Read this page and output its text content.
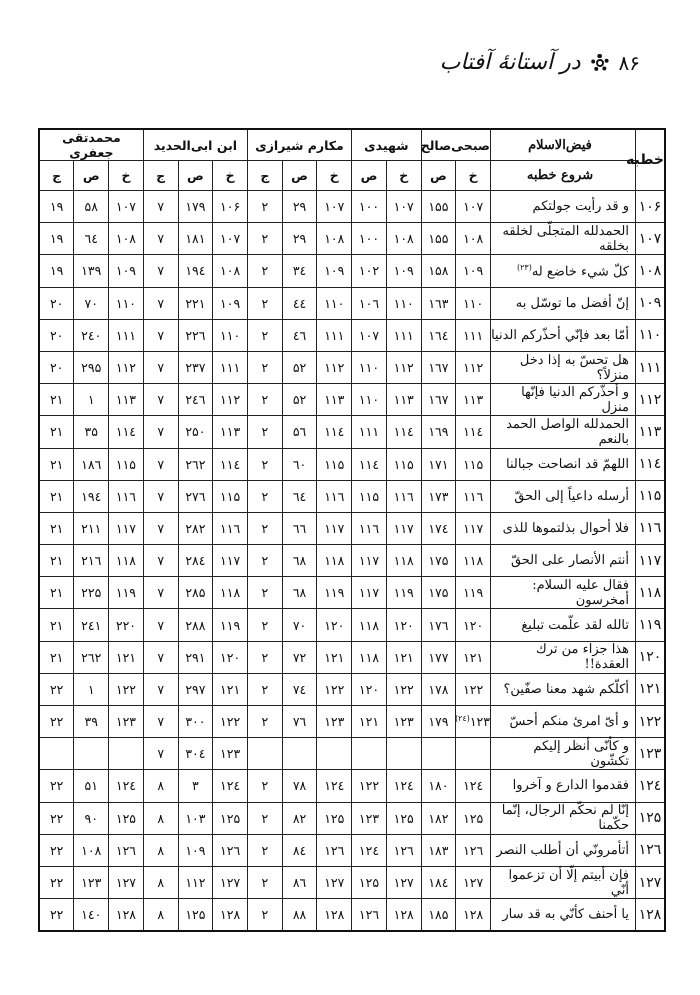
۸۶
در آستانهٔ آفتاب
خطبه	فیض‌الاسلام	صبحی‌صالح		شهیدی		مکارم شیرازی			ابن ابی‌الحدید			محمدتقی جعفری		
	شروع خطبه	خ	ص	خ	ص	خ	ص	ج	خ	ص	ج	خ	ص	ج
۱۰۶	و قد رأيت جولتكم	۱۰۷	۱۵۵	۱۰۷	۱۰۰	۱۰۷	۲۹	۲	۱۰۶	۱۷۹	۷	۱۰۷	۵۸	۱۹
۱۰۷	الحمدلله المتجلّى لخلقه بخلقه	۱۰۸	۱۵۵	۱۰۸	۱۰۰	۱۰۸	۲۹	۲	۱۰۷	۱۸۱	۷	۱۰۸	٦٤	۱۹
۱۰۸	كلّ شيء خاضع له$^{(۲۳)}$	۱۰۹	۱۵۸	۱۰۹	۱۰۲	۱۰۹	۳٤	۲	۱۰۸	۱۹٤	۷	۱۰۹	۱۳۹	۱۹
۱۰۹	إنّ أفضل ما توسّل به	۱۱۰	۱٦۳	۱۱۰	۱۰٦	۱۱۰	٤٤	۲	۱۰۹	۲۲۱	۷	۱۱۰	۷۰	۲۰
۱۱۰	أمّا بعد فإنّي أحذّركم الدنيا	۱۱۱	۱٦٤	۱۱۱	۱۰۷	۱۱۱	٤٦	۲	۱۱۰	۲۲٦	۷	۱۱۱	۲٤۰	۲۰
۱۱۱	هل تحسّ به إذا دخل منزلاً؟	۱۱۲	۱٦۷	۱۱۲	۱۱۰	۱۱۲	۵۲	۲	۱۱۱	۲۳۷	۷	۱۱۲	۲۹۵	۲۰
۱۱۲	و أحذّركم الدنيا فإنّها منزل	۱۱۳	۱٦۷	۱۱۳	۱۱۰	۱۱۳	۵۲	۲	۱۱۲	۲٤٦	۷	۱۱۳	۱	۲۱
۱۱۳	الحمدلله الواصل الحمد بالنعم	۱۱٤	۱٦۹	۱۱٤	۱۱۱	۱۱٤	۵٦	۲	۱۱۳	۲۵۰	۷	۱۱٤	۳۵	۲۱
۱۱٤	اللهمّ قد انصاحت جبالنا	۱۱۵	۱۷۱	۱۱۵	۱۱٤	۱۱۵	٦۰	۲	۱۱٤	۲٦۲	۷	۱۱۵	۱۸٦	۲۱
۱۱۵	أرسله داعياً إلى الحقّ	۱۱٦	۱۷۳	۱۱٦	۱۱۵	۱۱٦	٦٤	۲	۱۱۵	۲۷٦	۷	۱۱٦	۱۹٤	۲۱
۱۱٦	فلا أحوال بذلتموها للذى	۱۱۷	۱۷٤	۱۱۷	۱۱٦	۱۱۷	٦٦	۲	۱۱٦	۲۸۲	۷	۱۱۷	۲۱۱	۲۱
۱۱۷	أنتم الأنصار على الحقّ	۱۱۸	۱۷۵	۱۱۸	۱۱۷	۱۱۸	٦۸	۲	۱۱۷	۲۸٤	۷	۱۱۸	۲۱٦	۲۱
۱۱۸	فقال عليه السلام: أمخرسون	۱۱۹	۱۷۵	۱۱۹	۱۱۷	۱۱۹	٦۸	۲	۱۱۸	۲۸۵	۷	۱۱۹	۲۲۵	۲۱
۱۱۹	تالله لقد علّمت تبليغ	۱۲۰	۱۷٦	۱۲۰	۱۱۸	۱۲۰	۷۰	۲	۱۱۹	۲۸۸	۷	۲۲۰	۲٤۱	۲۱
۱۲۰	هذا جزاء من ترك العقدة!!	۱۲۱	۱۷۷	۱۲۱	۱۱۸	۱۲۱	۷۲	۲	۱۲۰	۲۹۱	۷	۱۲۱	۲٦۲	۲۱
۱۲۱	أكلّكم شهد معنا صفّين؟	۱۲۲	۱۷۸	۱۲۲	۱۲۰	۱۲۲	۷٤	۲	۱۲۱	۲۹۷	۷	۱۲۲	۱	۲۲
۱۲۲	و أىّ امرئ منكم أحسّ	۱۲۳$^{(۲٤)}$	۱۷۹	۱۲۳	۱۲۱	۱۲۳	۷٦	۲	۱۲۲	۳۰۰	۷	۱۲۳	۳۹	۲۲
۱۲۳	و كأنّى أنظر إليكم تكشّون								۱۲۳	۳۰٤	۷			
۱۲٤	فقدموا الدارع و آخروا	۱۲٤	۱۸۰	۱۲٤	۱۲۲	۱۲٤	۷۸	۲	۱۲٤	۳	۸	۱۲٤	۵۱	۲۲
۱۲۵	إنّا لم نحكّم الرجال، إنّما حكّمنا	۱۲۵	۱۸۲	۱۲۵	۱۲۳	۱۲۵	۸۲	۲	۱۲۵	۱۰۳	۸	۱۲۵	۹۰	۲۲
۱۲٦	أتأمرونّي أن أطلب النصر	۱۲٦	۱۸۳	۱۲٦	۱۲٤	۱۲٦	۸٤	۲	۱۲٦	۱۰۹	۸	۱۲٦	۱۰۸	۲۲
۱۲۷	فإن أبيتم إلّا أن تزعموا أنّي	۱۲۷	۱۸٤	۱۲۷	۱۲۵	۱۲۷	۸٦	۲	۱۲۷	۱۱۲	۸	۱۲۷	۱۲۳	۲۲
۱۲۸	يا أحنف كأنّي به قد سار	۱۲۸	۱۸۵	۱۲۸	۱۲٦	۱۲۸	۸۸	۲	۱۲۸	۱۲۵	۸	۱۲۸	۱٤۰	۲۲
